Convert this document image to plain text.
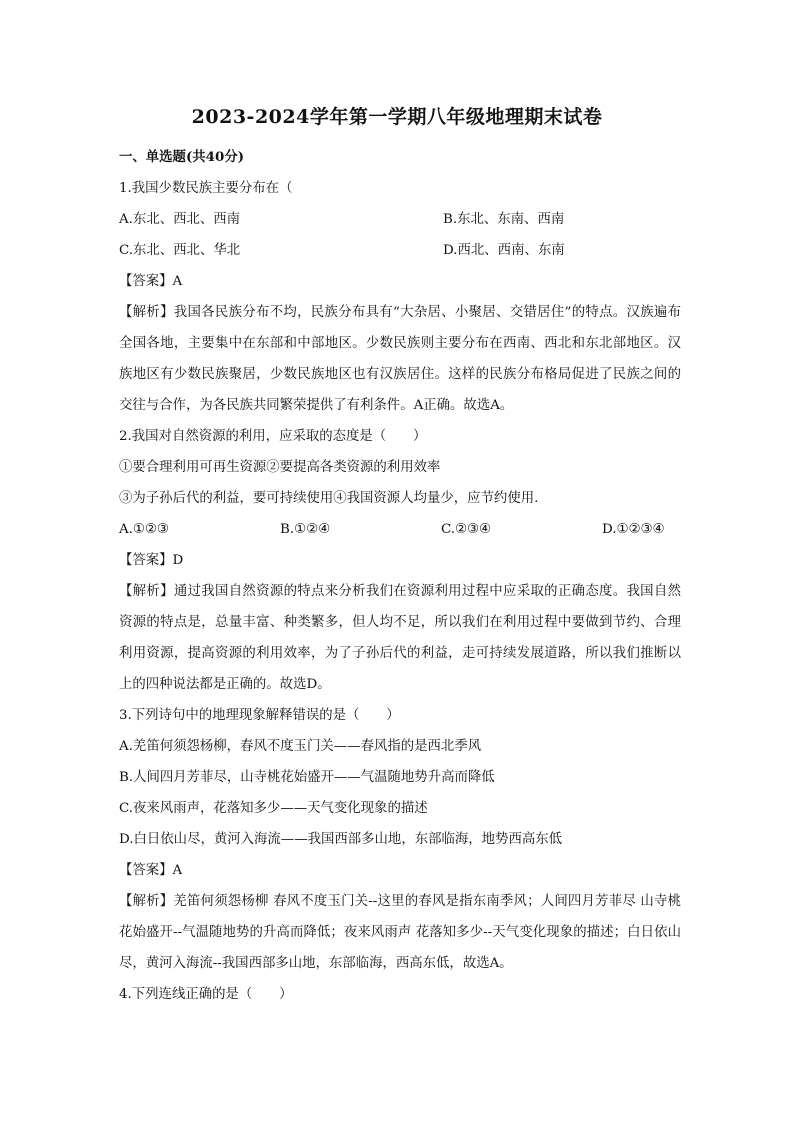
2023-2024学年第一学期八年级地理期末试卷
一、单选题(共40分)
1.我国少数民族主要分布在（
A.东北、西北、西南	B.东北、东南、西南
C.东北、西北、华北	D.西北、西南、东南
【答案】A
【解析】我国各民族分布不均，民族分布具有“大杂居、小聚居、交错居住”的特点。汉族遍布全国各地，主要集中在东部和中部地区。少数民族则主要分布在西南、西北和东北部地区。汉族地区有少数民族聚居，少数民族地区也有汉族居住。这样的民族分布格局促进了民族之间的交往与合作，为各民族共同繁荣提供了有利条件。A正确。故选A。
2.我国对自然资源的利用，应采取的态度是（　　）
①要合理利用可再生资源②要提高各类资源的利用效率
③为子孙后代的利益，要可持续使用④我国资源人均量少，应节约使用.
A.①②③	B.①②④	C.②③④	D.①②③④
【答案】D
【解析】通过我国自然资源的特点来分析我们在资源利用过程中应采取的正确态度。我国自然资源的特点是，总量丰富、种类繁多，但人均不足，所以我们在利用过程中要做到节约、合理利用资源，提高资源的利用效率，为了子孙后代的利益，走可持续发展道路，所以我们推断以上的四种说法都是正确的。故选D。
3.下列诗句中的地理现象解释错误的是（　　）
A.羌笛何须怨杨柳，春风不度玉门关——春风指的是西北季风
B.人间四月芳菲尽，山寺桃花始盛开——气温随地势升高而降低
C.夜来风雨声，花落知多少——天气变化现象的描述
D.白日依山尽，黄河入海流——我国西部多山地，东部临海，地势西高东低
【答案】A
【解析】羌笛何须怨杨柳 春风不度玉门关--这里的春风是指东南季风；人间四月芳菲尽 山寺桃花始盛开--气温随地势的升高而降低；夜来风雨声 花落知多少--天气变化现象的描述；白日依山尽，黄河入海流--我国西部多山地，东部临海，西高东低，故选A。
4.下列连线正确的是（　　）
